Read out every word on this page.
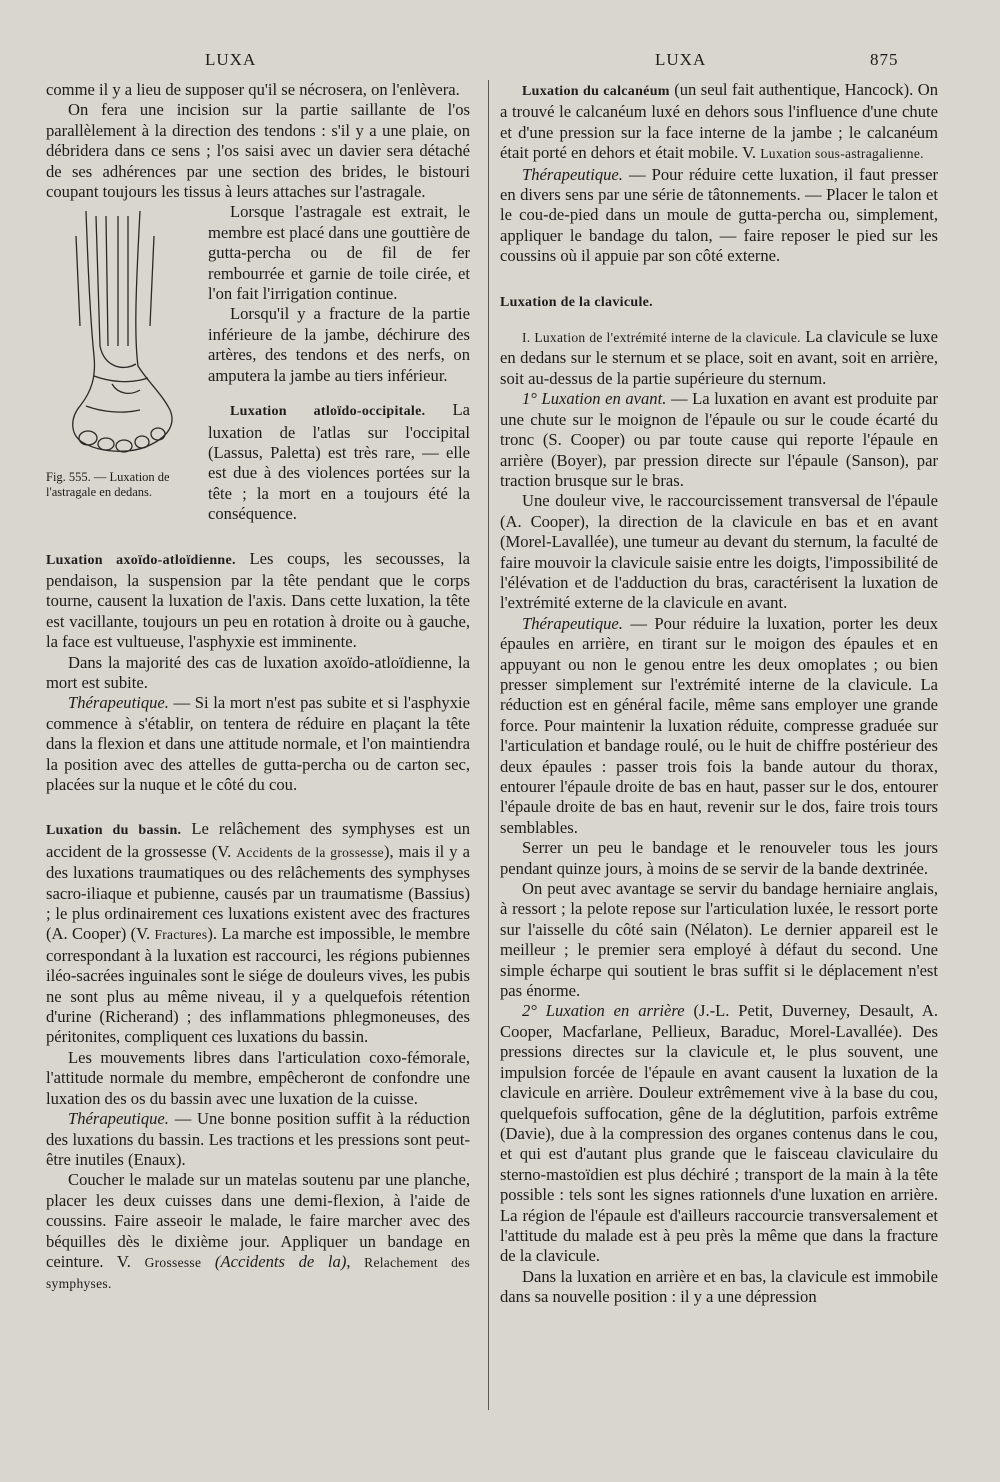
LUXA	LUXA	875

comme il y a lieu de supposer qu'il se nécrosera, on l'enlèvera.

On fera une incision sur la partie saillante de l'os parallèlement à la direction des tendons : s'il y a une plaie, on débridera dans ce sens ; l'os saisi avec un davier sera détaché de ses adhérences par une section des brides, le bistouri coupant toujours les tissus à leurs attaches sur l'astragale.

Fig. 555. — Luxation de l'astragale en dedans.

Lorsque l'astragale est extrait, le membre est placé dans une gouttière de gutta-percha ou de fil de fer rembourrée et garnie de toile cirée, et l'on fait l'irrigation continue.

Lorsqu'il y a fracture de la partie inférieure de la jambe, déchirure des artères, des tendons et des nerfs, on amputera la jambe au tiers inférieur.

Luxation atloïdo-occipitale. La luxation de l'atlas sur l'occipital (Lassus, Paletta) est très rare, — elle est due à des violences portées sur la tête ; la mort en a toujours été la conséquence.

Luxation axoïdo-atloïdienne. Les coups, les secousses, la pendaison, la suspension par la tête pendant que le corps tourne, causent la luxation de l'axis. Dans cette luxation, la tête est vacillante, toujours un peu en rotation à droite ou à gauche, la face est vultueuse, l'asphyxie est imminente.

Dans la majorité des cas de luxation axoïdo-atloïdienne, la mort est subite.

Thérapeutique. — Si la mort n'est pas subite et si l'asphyxie commence à s'établir, on tentera de réduire en plaçant la tête dans la flexion et dans une attitude normale, et l'on maintiendra la position avec des attelles de gutta-percha ou de carton sec, placées sur la nuque et le côté du cou.

Luxation du bassin. Le relâchement des symphyses est un accident de la grossesse (V. Accidents de la grossesse), mais il y a des luxations traumatiques ou des relâchements des symphyses sacro-iliaque et pubienne, causés par un traumatisme (Bassius) ; le plus ordinairement ces luxations existent avec des fractures (A. Cooper) (V. Fractures). La marche est impossible, le membre correspondant à la luxation est raccourci, les régions pubiennes iléo-sacrées inguinales sont le siége de douleurs vives, les pubis ne sont plus au même niveau, il y a quelquefois rétention d'urine (Richerand) ; des inflammations phlegmoneuses, des péritonites, compliquent ces luxations du bassin.

Les mouvements libres dans l'articulation coxo-fémorale, l'attitude normale du membre, empêcheront de confondre une luxation des os du bassin avec une luxation de la cuisse.

Thérapeutique. — Une bonne position suffit à la réduction des luxations du bassin. Les tractions et les pressions sont peut-être inutiles (Enaux).

Coucher le malade sur un matelas soutenu par une planche, placer les deux cuisses dans une demi-flexion, à l'aide de coussins. Faire asseoir le malade, le faire marcher avec des béquilles dès le dixième jour. Appliquer un bandage en ceinture. V. Grossesse (Accidents de la), Relachement des symphyses.

Luxation du calcanéum (un seul fait authentique, Hancock). On a trouvé le calcanéum luxé en dehors sous l'influence d'une chute et d'une pression sur la face interne de la jambe ; le calcanéum était porté en dehors et était mobile. V. Luxation sous-astragalienne.

Thérapeutique. — Pour réduire cette luxation, il faut presser en divers sens par une série de tâtonnements. — Placer le talon et le cou-de-pied dans un moule de gutta-percha ou, simplement, appliquer le bandage du talon, — faire reposer le pied sur les coussins où il appuie par son côté externe.

Luxation de la clavicule.

I. Luxation de l'extrémité interne de la clavicule. La clavicule se luxe en dedans sur le sternum et se place, soit en avant, soit en arrière, soit au-dessus de la partie supérieure du sternum.

1° Luxation en avant. — La luxation en avant est produite par une chute sur le moignon de l'épaule ou sur le coude écarté du tronc (S. Cooper) ou par toute cause qui reporte l'épaule en arrière (Boyer), par pression directe sur l'épaule (Sanson), par traction brusque sur le bras.

Une douleur vive, le raccourcissement transversal de l'épaule (A. Cooper), la direction de la clavicule en bas et en avant (Morel-Lavallée), une tumeur au devant du sternum, la faculté de faire mouvoir la clavicule saisie entre les doigts, l'impossibilité de l'élévation et de l'adduction du bras, caractérisent la luxation de l'extrémité externe de la clavicule en avant.

Thérapeutique. — Pour réduire la luxation, porter les deux épaules en arrière, en tirant sur le moigon des épaules et en appuyant ou non le genou entre les deux omoplates ; ou bien presser simplement sur l'extrémité interne de la clavicule. La réduction est en général facile, même sans employer une grande force. Pour maintenir la luxation réduite, compresse graduée sur l'articulation et bandage roulé, ou le huit de chiffre postérieur des deux épaules : passer trois fois la bande autour du thorax, entourer l'épaule droite de bas en haut, passer sur le dos, entourer l'épaule droite de bas en haut, revenir sur le dos, faire trois tours semblables.

Serrer un peu le bandage et le renouveler tous les jours pendant quinze jours, à moins de se servir de la bande dextrinée.

On peut avec avantage se servir du bandage herniaire anglais, à ressort ; la pelote repose sur l'articulation luxée, le ressort porte sur l'aisselle du côté sain (Nélaton). Le dernier appareil est le meilleur ; le premier sera employé à défaut du second. Une simple écharpe qui soutient le bras suffit si le déplacement n'est pas énorme.

2° Luxation en arrière (J.-L. Petit, Duverney, Desault, A. Cooper, Macfarlane, Pellieux, Baraduc, Morel-Lavallée). Des pressions directes sur la clavicule et, le plus souvent, une impulsion forcée de l'épaule en avant causent la luxation de la clavicule en arrière. Douleur extrêmement vive à la base du cou, quelquefois suffocation, gêne de la déglutition, parfois extrême (Davie), due à la compression des organes contenus dans le cou, et qui est d'autant plus grande que le faisceau claviculaire du sterno-mastoïdien est plus déchiré ; transport de la main à la tête possible : tels sont les signes rationnels d'une luxation en arrière. La région de l'épaule est d'ailleurs raccourcie transversalement et l'attitude du malade est à peu près la même que dans la fracture de la clavicule.

Dans la luxation en arrière et en bas, la clavicule est immobile dans sa nouvelle position : il y a une dépression
